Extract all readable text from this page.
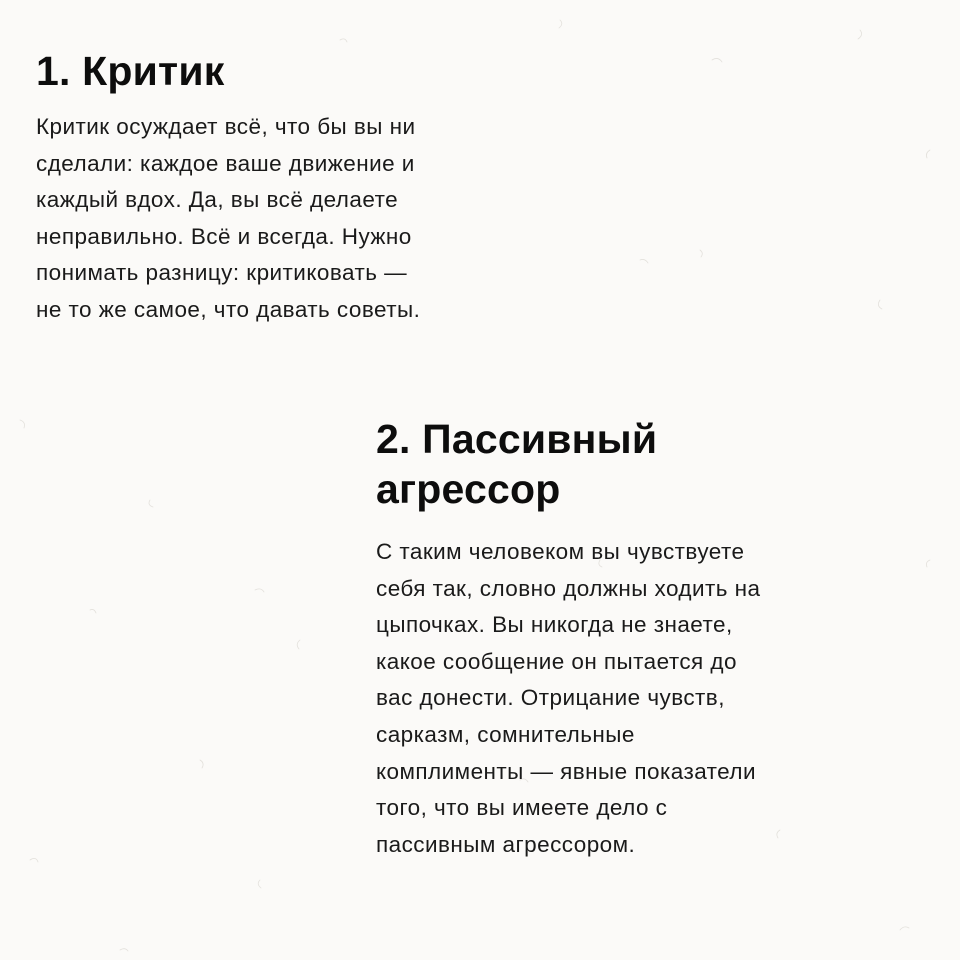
1. Критик
Критик осуждает всё, что бы вы ни
сделали: каждое ваше движение и
каждый вдох. Да, вы всё делаете
неправильно. Всё и всегда. Нужно
понимать разницу: критиковать —
не то же самое, что давать советы.
2. Пассивный
агрессор
С таким человеком вы чувствуете
себя так, словно должны ходить на
цыпочках. Вы никогда не знаете,
какое сообщение он пытается до
вас донести. Отрицание чувств,
сарказм, сомнительные
комплименты — явные показатели
того, что вы имеете дело с
пассивным агрессором.
